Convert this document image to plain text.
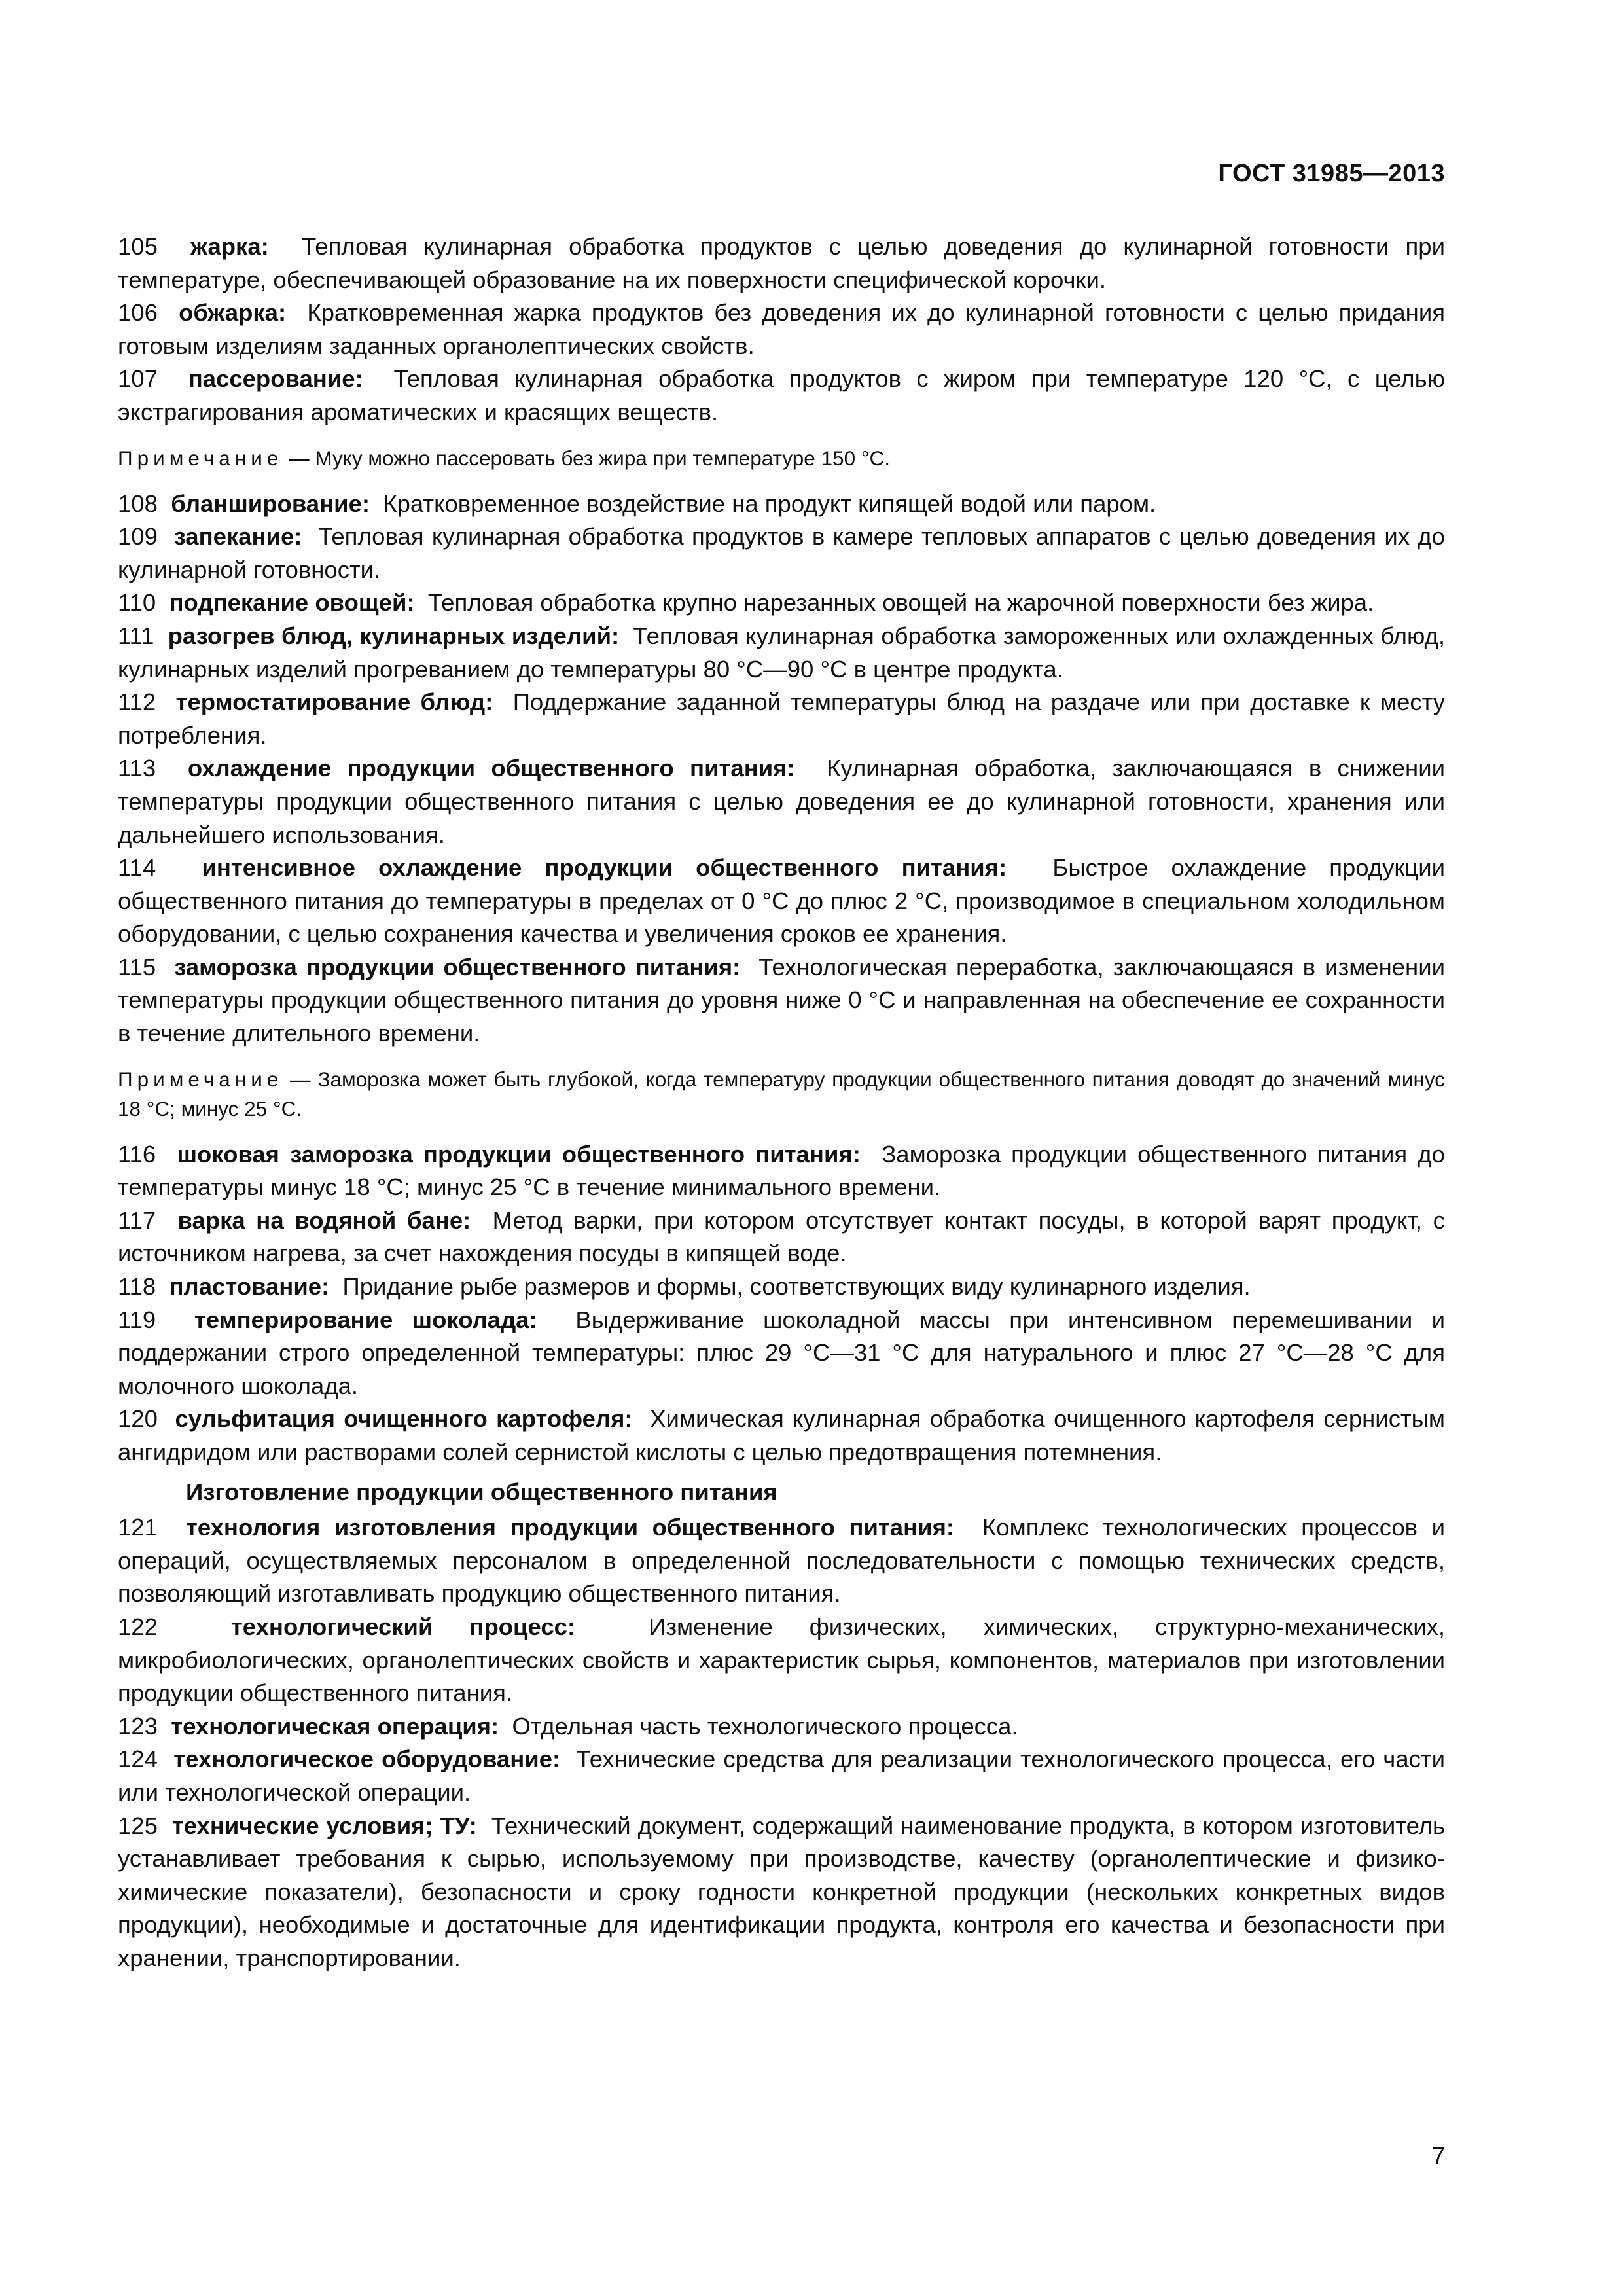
ГОСТ 31985—2013

105 жарка: Тепловая кулинарная обработка продуктов с целью доведения до кулинарной готовности при температуре, обеспечивающей образование на их поверхности специфической корочки.

106 обжарка: Кратковременная жарка продуктов без доведения их до кулинарной готовности с целью придания готовым изделиям заданных органолептических свойств.

107 пассерование: Тепловая кулинарная обработка продуктов с жиром при температуре 120 °С, с целью экстрагирования ароматических и красящих веществ.

Примечание — Муку можно пассеровать без жира при температуре 150 °С.

108 бланширование: Кратковременное воздействие на продукт кипящей водой или паром.

109 запекание: Тепловая кулинарная обработка продуктов в камере тепловых аппаратов с целью доведения их до кулинарной готовности.

110 подпекание овощей: Тепловая обработка крупно нарезанных овощей на жарочной поверхности без жира.

111 разогрев блюд, кулинарных изделий: Тепловая кулинарная обработка замороженных или охлажденных блюд, кулинарных изделий прогреванием до температуры 80 °С—90 °С в центре продукта.

112 термостатирование блюд: Поддержание заданной температуры блюд на раздаче или при доставке к месту потребления.

113 охлаждение продукции общественного питания: Кулинарная обработка, заключающаяся в снижении температуры продукции общественного питания с целью доведения ее до кулинарной готовности, хранения или дальнейшего использования.

114 интенсивное охлаждение продукции общественного питания: Быстрое охлаждение продукции общественного питания до температуры в пределах от 0 °С до плюс 2 °С, производимое в специальном холодильном оборудовании, с целью сохранения качества и увеличения сроков ее хранения.

115 заморозка продукции общественного питания: Технологическая переработка, заключающаяся в изменении температуры продукции общественного питания до уровня ниже 0 °С и направленная на обеспечение ее сохранности в течение длительного времени.

Примечание — Заморозка может быть глубокой, когда температуру продукции общественного питания доводят до значений минус 18 °С; минус 25 °С.

116 шоковая заморозка продукции общественного питания: Заморозка продукции общественного питания до температуры минус 18 °С; минус 25 °С в течение минимального времени.

117 варка на водяной бане: Метод варки, при котором отсутствует контакт посуды, в которой варят продукт, с источником нагрева, за счет нахождения посуды в кипящей воде.

118 пластование: Придание рыбе размеров и формы, соответствующих виду кулинарного изделия.

119 темперирование шоколада: Выдерживание шоколадной массы при интенсивном перемешивании и поддержании строго определенной температуры: плюс 29 °С—31 °С для натурального и плюс 27 °С—28 °С для молочного шоколада.

120 сульфитация очищенного картофеля: Химическая кулинарная обработка очищенного картофеля сернистым ангидридом или растворами солей сернистой кислоты с целью предотвращения потемнения.

Изготовление продукции общественного питания

121 технология изготовления продукции общественного питания: Комплекс технологических процессов и операций, осуществляемых персоналом в определенной последовательности с помощью технических средств, позволяющий изготавливать продукцию общественного питания.

122	технологический процесс:	Изменение физических, химических, структурно-механических, микробиологических, органолептических свойств и характеристик сырья, компонентов, материалов при изготовлении продукции общественного питания.

123 технологическая операция: Отдельная часть технологического процесса.

124 технологическое оборудование: Технические средства для реализации технологического процесса, его части или технологической операции.

125 технические условия; ТУ: Технический документ, содержащий наименование продукта, в котором изготовитель устанавливает требования к сырью, используемому при производстве, качеству (органолептические и физико-химические показатели), безопасности и сроку годности конкретной продукции (нескольких конкретных видов продукции), необходимые и достаточные для идентификации продукта, контроля его качества и безопасности при хранении, транспортировании.

7
